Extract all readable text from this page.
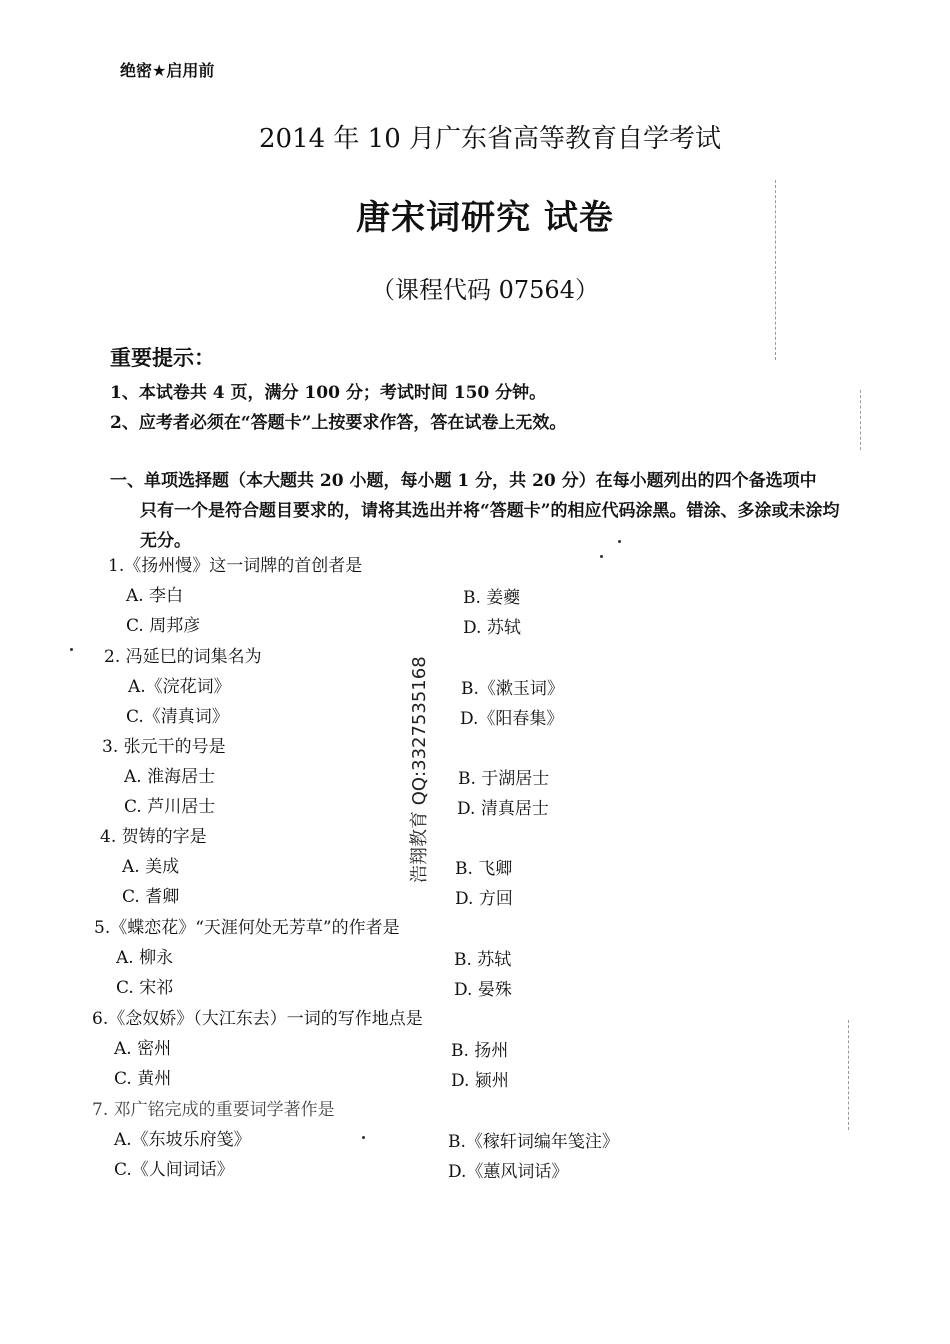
绝密★启用前
2014 年 10 月广东省高等教育自学考试
唐宋词研究 试卷
（课程代码 07564）
重要提示：
1、本试卷共 4 页，满分 100 分；考试时间 150 分钟。
2、应考者必须在“答题卡”上按要求作答，答在试卷上无效。
一、单项选择题（本大题共 20 小题，每小题 1 分，共 20 分）在每小题列出的四个备选项中
只有一个是符合题目要求的，请将其选出并将“答题卡”的相应代码涂黑。错涂、多涂或未涂均无分。
1.《扬州慢》这一词牌的首创者是
A. 李白	B. 姜夔
C. 周邦彦	D. 苏轼
2. 冯延巳的词集名为
A.《浣花词》	B.《漱玉词》
C.《清真词》	D.《阳春集》
3. 张元干的号是
A. 淮海居士	B. 于湖居士
C. 芦川居士	D. 清真居士
4. 贺铸的字是
A. 美成	B. 飞卿
C. 耆卿	D. 方回
5.《蝶恋花》“天涯何处无芳草”的作者是
A. 柳永	B. 苏轼
C. 宋祁	D. 晏殊
6.《念奴娇》（大江东去）一词的写作地点是
A. 密州	B. 扬州
C. 黄州	D. 颍州
7. 邓广铭完成的重要词学著作是
A.《东坡乐府笺》	B.《稼轩词编年笺注》
C.《人间词话》	D.《蕙风词话》
浩翔教育 QQ:3327535168
